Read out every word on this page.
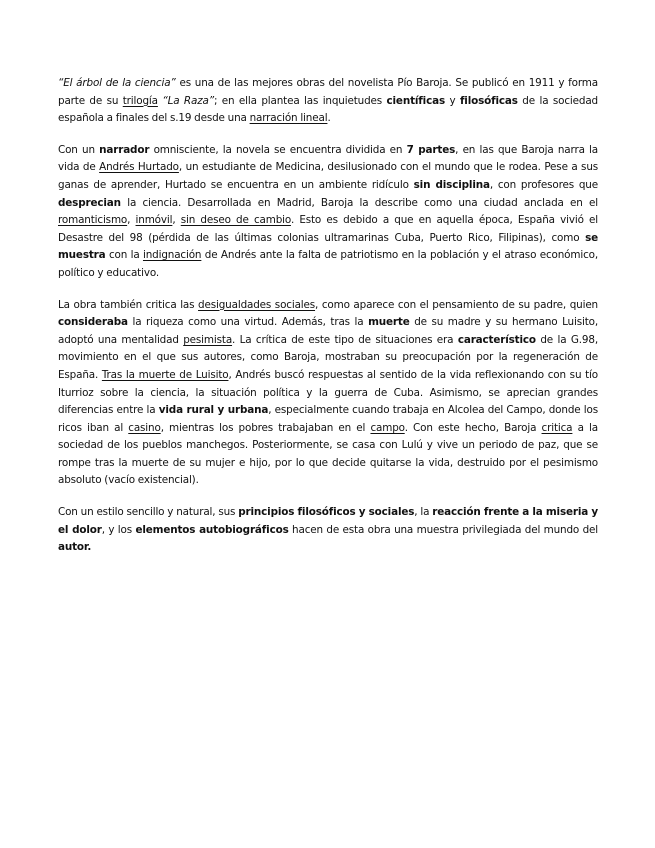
“El árbol de la ciencia” es una de las mejores obras del novelista Pío Baroja. Se publicó en 1911 y forma parte de su trilogía “La Raza”; en ella plantea las inquietudes científicas y filosóficas de la sociedad española a finales del s.19 desde una narración lineal.

Con un narrador omnisciente, la novela se encuentra dividida en 7 partes, en las que Baroja narra la vida de Andrés Hurtado, un estudiante de Medicina, desilusionado con el mundo que le rodea. Pese a sus ganas de aprender, Hurtado se encuentra en un ambiente ridículo sin disciplina, con profesores que desprecian la ciencia. Desarrollada en Madrid, Baroja la describe como una ciudad anclada en el romanticismo, inmóvil, sin deseo de cambio. Esto es debido a que en aquella época, España vivió el Desastre del 98 (pérdida de las últimas colonias ultramarinas Cuba, Puerto Rico, Filipinas), como se muestra con la indignación de Andrés ante la falta de patriotismo en la población y el atraso económico, político y educativo.

La obra también critica las desigualdades sociales, como aparece con el pensamiento de su padre, quien consideraba la riqueza como una virtud. Además, tras la muerte de su madre y su hermano Luisito, adoptó una mentalidad pesimista. La crítica de este tipo de situaciones era característico de la G.98, movimiento en el que sus autores, como Baroja, mostraban su preocupación por la regeneración de España. Tras la muerte de Luisito, Andrés buscó respuestas al sentido de la vida reflexionando con su tío Iturrioz sobre la ciencia, la situación política y la guerra de Cuba. Asimismo, se aprecian grandes diferencias entre la vida rural y urbana, especialmente cuando trabaja en Alcolea del Campo, donde los ricos iban al casino, mientras los pobres trabajaban en el campo. Con este hecho, Baroja critica a la sociedad de los pueblos manchegos. Posteriormente, se casa con Lulú y vive un periodo de paz, que se rompe tras la muerte de su mujer e hijo, por lo que decide quitarse la vida, destruido por el pesimismo absoluto (vacío existencial).

Con un estilo sencillo y natural, sus principios filosóficos y sociales, la reacción frente a la miseria y el dolor, y los elementos autobiográficos hacen de esta obra una muestra privilegiada del mundo del autor.
